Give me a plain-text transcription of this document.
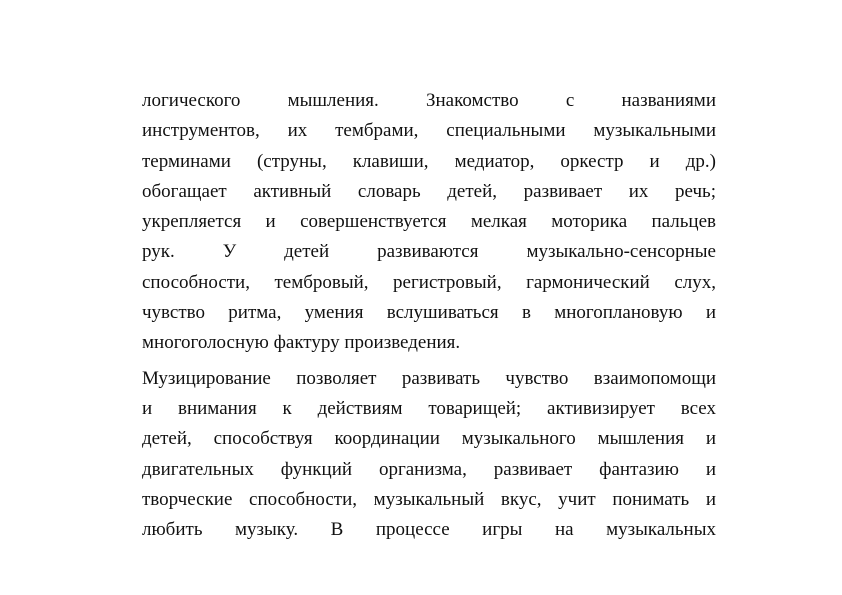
логического мышления. Знакомство с названиями
инструментов, их тембрами, специальными музыкальными
терминами (струны, клавиши, медиатор, оркестр и др.)
обогащает активный словарь детей, развивает их речь;
укрепляется и совершенствуется мелкая моторика пальцев
рук. У детей развиваются музыкально-сенсорные
способности, тембровый, регистровый, гармонический слух,
чувство ритма, умения вслушиваться в многоплановую и
многоголосную фактуру произведения.
Музицирование позволяет развивать чувство взаимопомощи
и внимания к действиям товарищей; активизирует всех
детей, способствуя координации музыкального мышления и
двигательных функций организма, развивает фантазию и
творческие способности, музыкальный вкус, учит понимать и
любить музыку. В процессе игры на музыкальных
